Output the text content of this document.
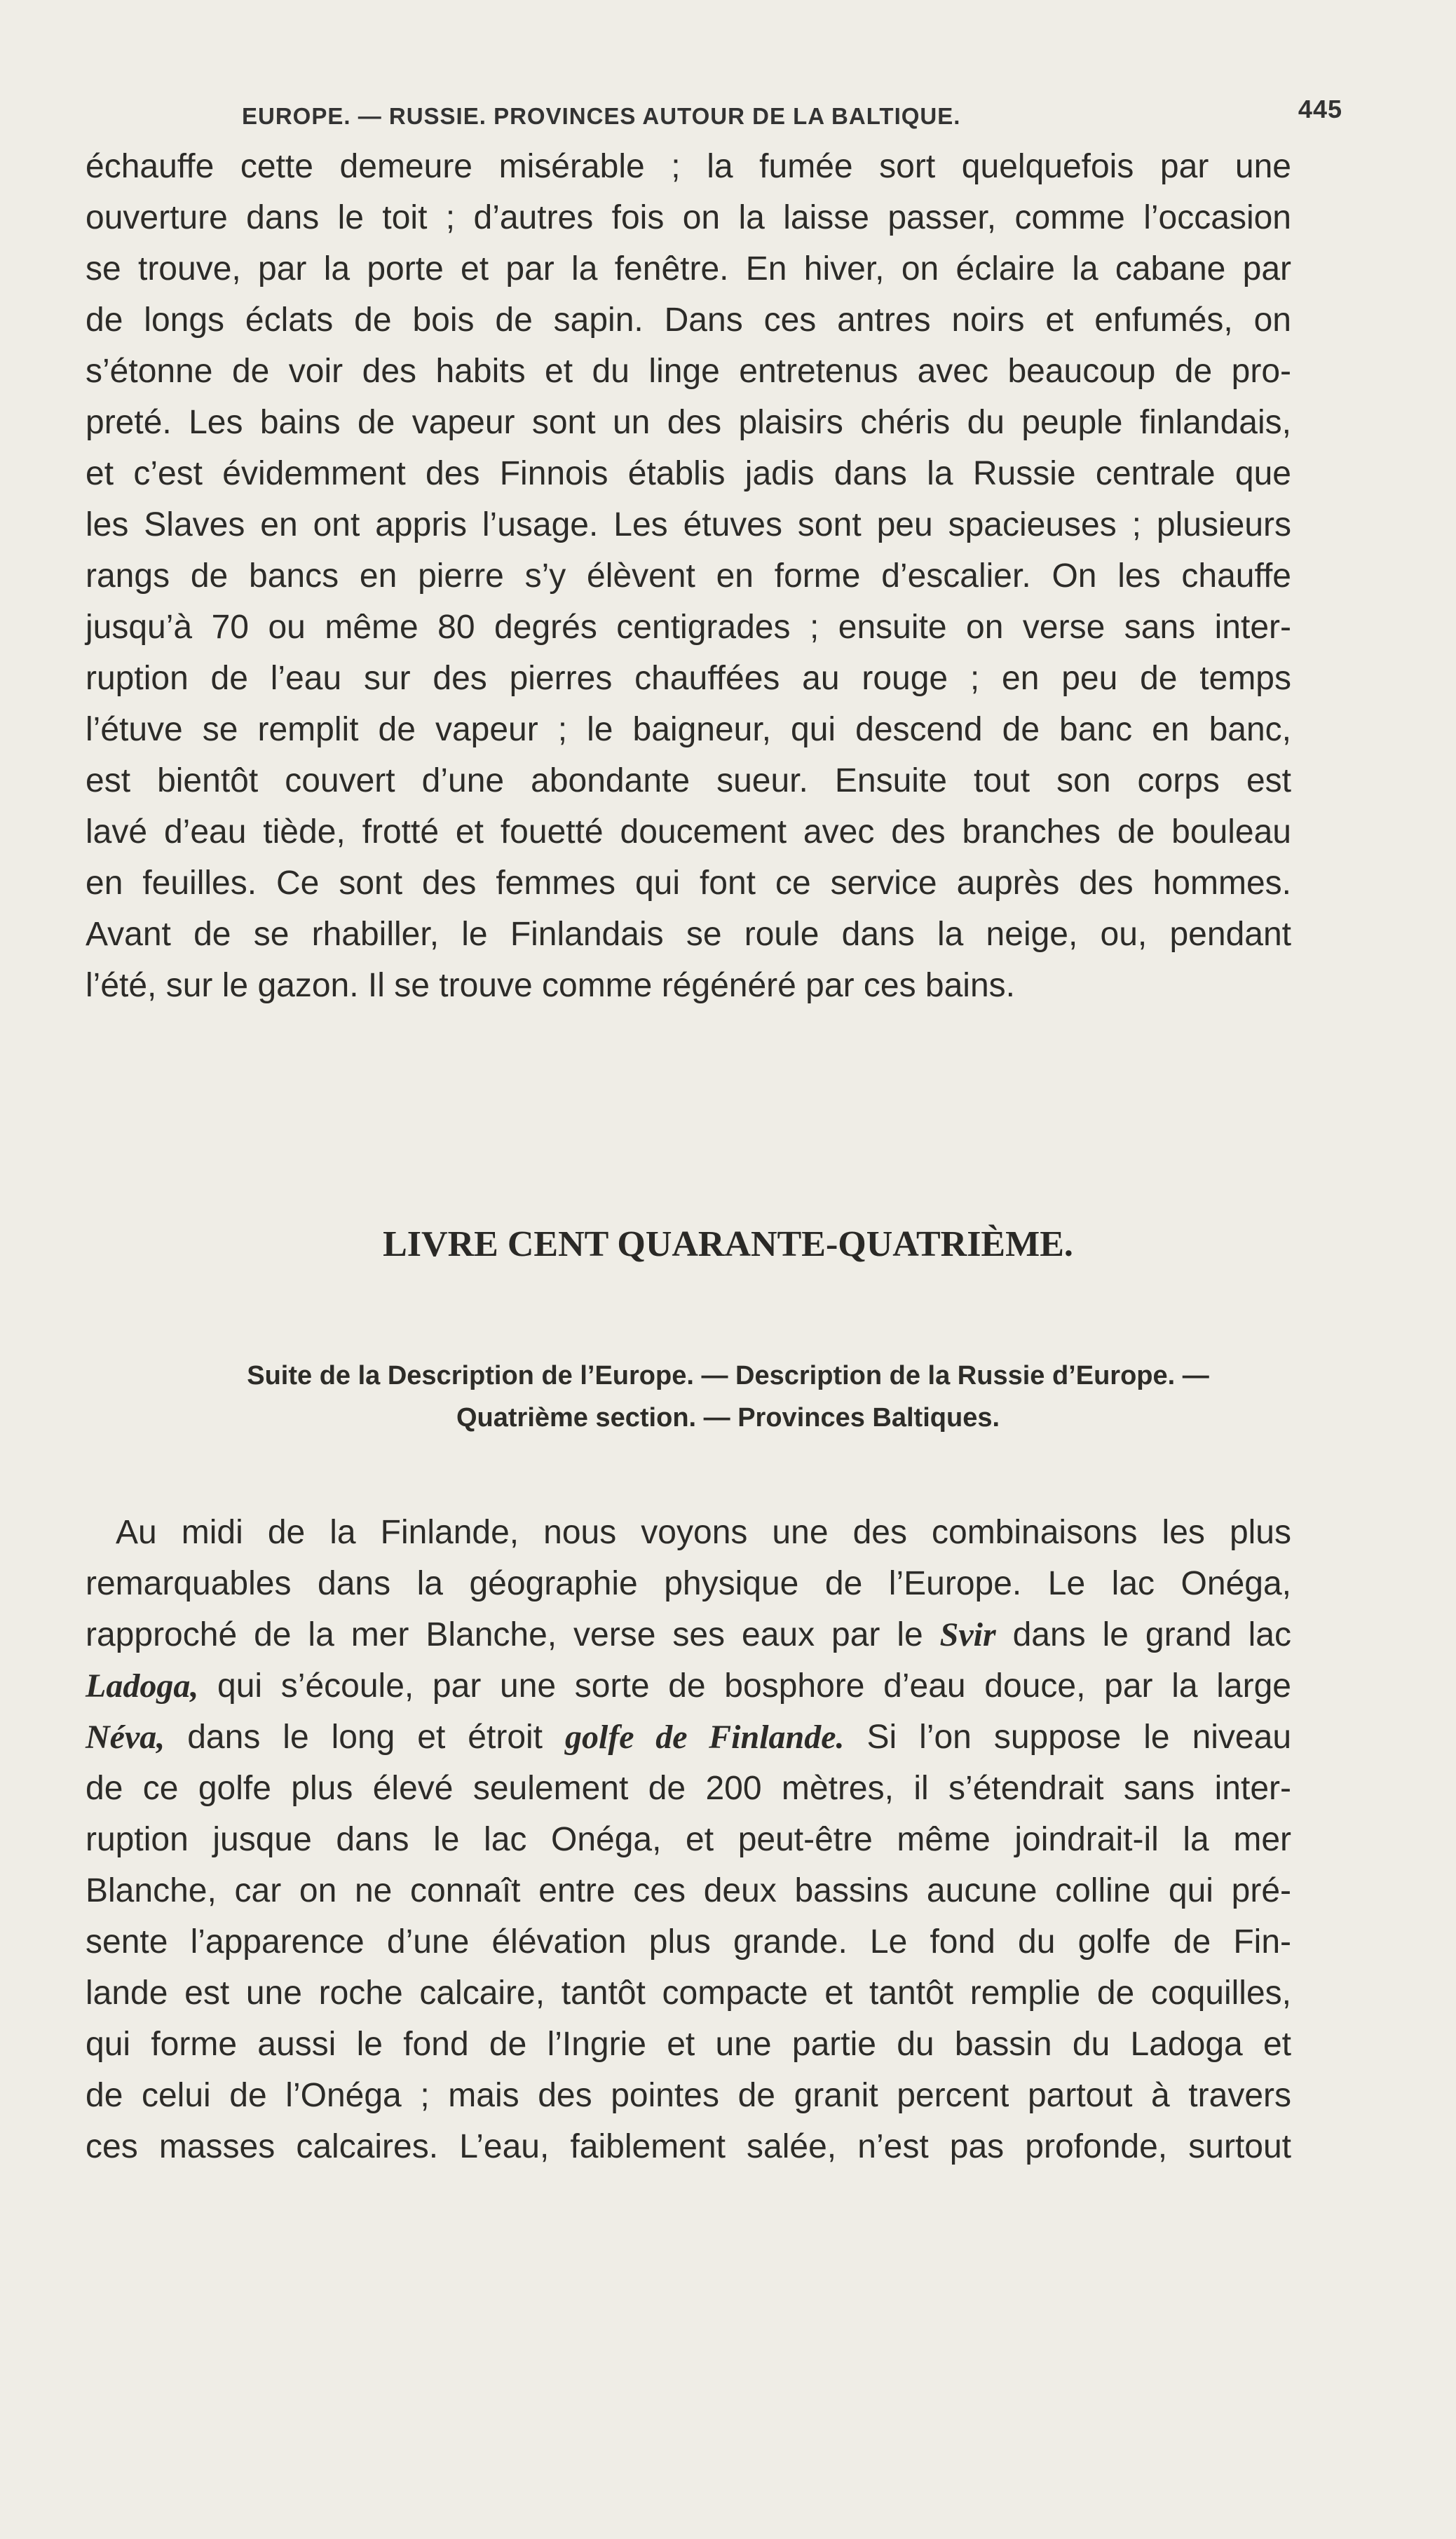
EUROPE. — RUSSIE. PROVINCES AUTOUR DE LA BALTIQUE.	445
échauffe cette demeure misérable ; la fumée sort quelquefois par une
ouverture dans le toit ; d’autres fois on la laisse passer, comme l’occasion
se trouve, par la porte et par la fenêtre. En hiver, on éclaire la cabane par
de longs éclats de bois de sapin. Dans ces antres noirs et enfumés, on
s’étonne de voir des habits et du linge entretenus avec beaucoup de pro-
preté. Les bains de vapeur sont un des plaisirs chéris du peuple finlandais,
et c’est évidemment des Finnois établis jadis dans la Russie centrale que
les Slaves en ont appris l’usage. Les étuves sont peu spacieuses ; plusieurs
rangs de bancs en pierre s’y élèvent en forme d’escalier. On les chauffe
jusqu’à 70 ou même 80 degrés centigrades ; ensuite on verse sans inter-
ruption de l’eau sur des pierres chauffées au rouge ; en peu de temps
l’étuve se remplit de vapeur ; le baigneur, qui descend de banc en banc,
est bientôt couvert d’une abondante sueur. Ensuite tout son corps est
lavé d’eau tiède, frotté et fouetté doucement avec des branches de bouleau
en feuilles. Ce sont des femmes qui font ce service auprès des hommes.
Avant de se rhabiller, le Finlandais se roule dans la neige, ou, pendant
l’été, sur le gazon. Il se trouve comme régénéré par ces bains.
LIVRE CENT QUARANTE-QUATRIÈME.
Suite de la Description de l’Europe. — Description de la Russie d’Europe. —
Quatrième section. — Provinces Baltiques.
Au midi de la Finlande, nous voyons une des combinaisons les plus
remarquables dans la géographie physique de l’Europe. Le lac Onéga,
rapproché de la mer Blanche, verse ses eaux par le Svir dans le grand lac
Ladoga, qui s’écoule, par une sorte de bosphore d’eau douce, par la large
Néva, dans le long et étroit golfe de Finlande. Si l’on suppose le niveau
de ce golfe plus élevé seulement de 200 mètres, il s’étendrait sans inter-
ruption jusque dans le lac Onéga, et peut-être même joindrait-il la mer
Blanche, car on ne connaît entre ces deux bassins aucune colline qui pré-
sente l’apparence d’une élévation plus grande. Le fond du golfe de Fin-
lande est une roche calcaire, tantôt compacte et tantôt remplie de coquilles,
qui forme aussi le fond de l’Ingrie et une partie du bassin du Ladoga et
de celui de l’Onéga ; mais des pointes de granit percent partout à travers
ces masses calcaires. L’eau, faiblement salée, n’est pas profonde, surtout
